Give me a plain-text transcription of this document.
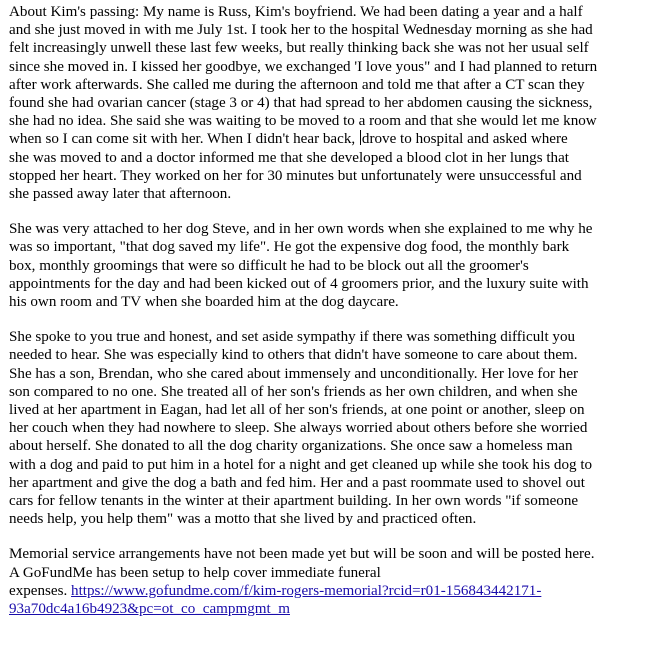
About Kim's passing: My name is Russ, Kim's boyfriend. We had been dating a year and a half
and she just moved in with me July 1st. I took her to the hospital Wednesday morning as she had
felt increasingly unwell these last few weeks, but really thinking back she was not her usual self
since she moved in. I kissed her goodbye, we exchanged 'I love yous" and I had planned to return
after work afterwards. She called me during the afternoon and told me that after a CT scan they
found she had ovarian cancer (stage 3 or 4) that had spread to her abdomen causing the sickness,
she had no idea. She said she was waiting to be moved to a room and that she would let me know
when so I can come sit with her. When I didn't hear back, drove to hospital and asked where
she was moved to and a doctor informed me that she developed a blood clot in her lungs that
stopped her heart. They worked on her for 30 minutes but unfortunately were unsuccessful and
she passed away later that afternoon.
She was very attached to her dog Steve, and in her own words when she explained to me why he
was so important, "that dog saved my life". He got the expensive dog food, the monthly bark
box, monthly groomings that were so difficult he had to be block out all the groomer's
appointments for the day and had been kicked out of 4 groomers prior, and the luxury suite with
his own room and TV when she boarded him at the dog daycare.
She spoke to you true and honest, and set aside sympathy if there was something difficult you
needed to hear. She was especially kind to others that didn't have someone to care about them.
She has a son, Brendan, who she cared about immensely and unconditionally. Her love for her
son compared to no one. She treated all of her son's friends as her own children, and when she
lived at her apartment in Eagan, had let all of her son's friends, at one point or another, sleep on
her couch when they had nowhere to sleep. She always worried about others before she worried
about herself. She donated to all the dog charity organizations. She once saw a homeless man
with a dog and paid to put him in a hotel for a night and get cleaned up while she took his dog to
her apartment and give the dog a bath and fed him. Her and a past roommate used to shovel out
cars for fellow tenants in the winter at their apartment building. In her own words "if someone
needs help, you help them" was a motto that she lived by and practiced often.
Memorial service arrangements have not been made yet but will be soon and will be posted here.
A GoFundMe has been setup to help cover immediate funeral
expenses. https://www.gofundme.com/f/kim-rogers-memorial?rcid=r01-156843442171-
93a70dc4a16b4923&pc=ot_co_campmgmt_m
